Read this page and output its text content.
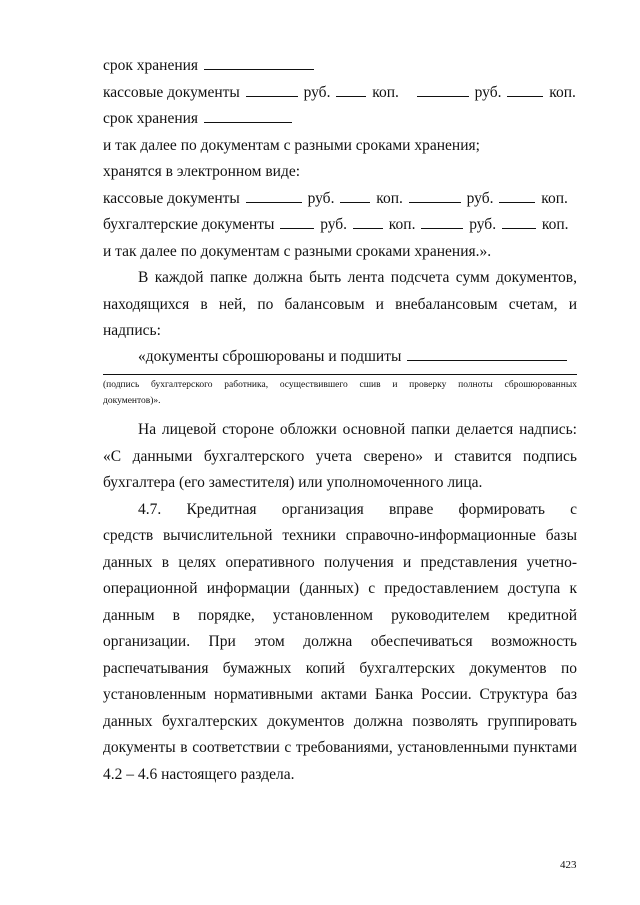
срок хранения
кассовые документы	руб.	коп.	руб.	коп.
срок хранения
и так далее по документам с разными сроками хранения;
хранятся в электронном виде:
кассовые документы	руб.	коп.	руб.	коп.
бухгалтерские документы	руб.	коп.	руб.	коп.
и так далее по документам с разными сроками хранения.».
В каждой папке должна быть лента подсчета сумм документов,
находящихся в ней, по балансовым и внебалансовым счетам, и
надпись:
«документы сброшюрованы и подшиты
(подпись бухгалтерского работника, осуществившего сшив и проверку полноты сброшюрованных
документов)».
На лицевой стороне обложки основной папки делается надпись:
«С данными бухгалтерского учета сверено» и ставится подпись
бухгалтера (его заместителя) или уполномоченного лица.
4.7. Кредитная организация вправе формировать с
средств вычислительной техники справочно-информационные базы
данных в целях оперативного получения и представления учетно-
операционной информации (данных) с предоставлением доступа к
данным в порядке, установленном руководителем кредитной
организации. При этом должна обеспечиваться возможность
распечатывания бумажных копий бухгалтерских документов по
установленным нормативными актами Банка России. Структура баз
данных бухгалтерских документов должна позволять группировать
документы в соответствии с требованиями, установленными пунктами
4.2 – 4.6 настоящего раздела.
423
